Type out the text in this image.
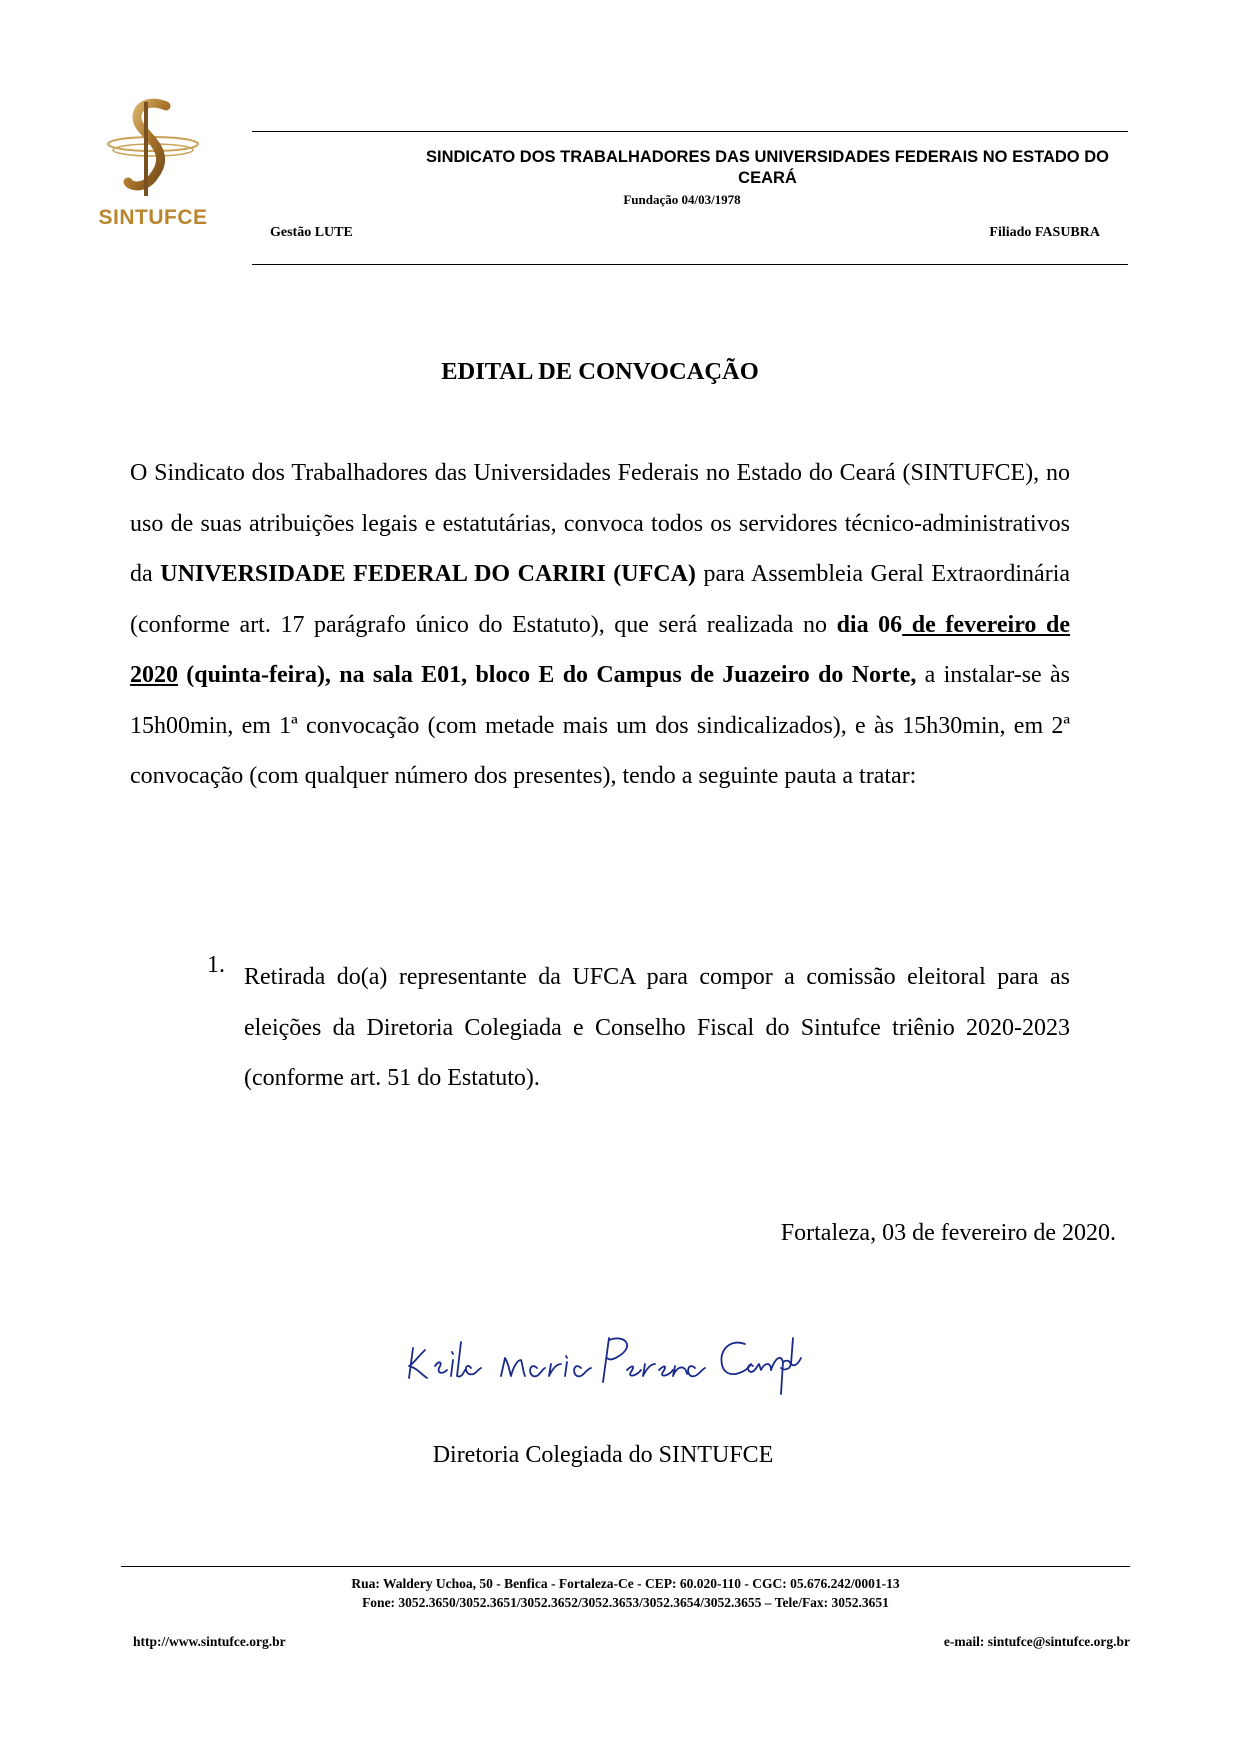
SINTUFCE
SINDICATO DOS TRABALHADORES DAS UNIVERSIDADES FEDERAIS NO ESTADO DO CEARÁ
Fundação 04/03/1978
Gestão LUTE	Filiado FASUBRA
EDITAL DE CONVOCAÇÃO
O Sindicato dos Trabalhadores das Universidades Federais no Estado do Ceará (SINTUFCE), no uso de suas atribuições legais e estatutárias, convoca todos os servidores técnico-administrativos da UNIVERSIDADE FEDERAL DO CARIRI (UFCA) para Assembleia Geral Extraordinária (conforme art. 17 parágrafo único do Estatuto), que será realizada no dia 06 de fevereiro de 2020 (quinta-feira), na sala E01, bloco E do Campus de Juazeiro do Norte, a instalar-se às 15h00min, em 1ª convocação (com metade mais um dos sindicalizados), e às 15h30min, em 2ª convocação (com qualquer número dos presentes), tendo a seguinte pauta a tratar:
1. Retirada do(a) representante da UFCA para compor a comissão eleitoral para as eleições da Diretoria Colegiada e Conselho Fiscal do Sintufce triênio 2020-2023 (conforme art. 51 do Estatuto).
Fortaleza, 03 de fevereiro de 2020.
Diretoria Colegiada do SINTUFCE
Rua: Waldery Uchoa, 50 - Benfica - Fortaleza-Ce - CEP: 60.020-110 - CGC: 05.676.242/0001-13
Fone: 3052.3650/3052.3651/3052.3652/3052.3653/3052.3654/3052.3655 – Tele/Fax: 3052.3651
http://www.sintufce.org.br	e-mail: sintufce@sintufce.org.br
